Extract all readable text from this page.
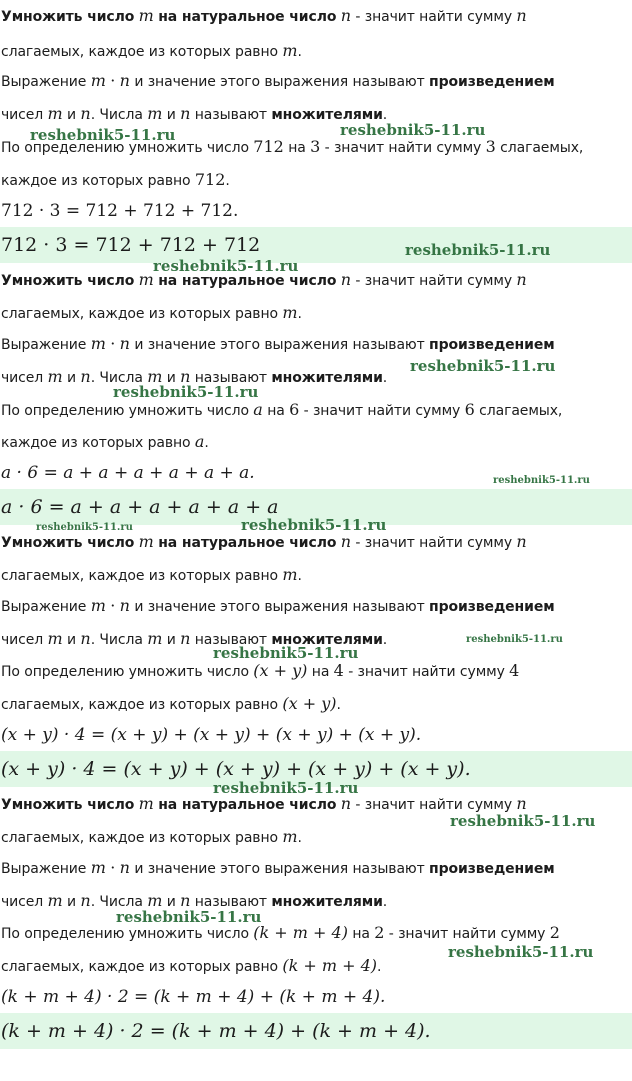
Умножить число m на натуральное число n - значит найти сумму n

слагаемых, каждое из которых равно m.

Выражение m · n и значение этого выражения называют произведением

чисел m и n. Числа m и n называют множителями.

По определению умножить число 712 на 3 - значит найти сумму 3 слагаемых,

каждое из которых равно 712.

712 · 3 = 712 + 712 + 712.

712 · 3 = 712 + 712 + 712

Умножить число m на натуральное число n - значит найти сумму n

слагаемых, каждое из которых равно m.

Выражение m · n и значение этого выражения называют произведением

чисел m и n. Числа m и n называют множителями.

По определению умножить число a на 6 - значит найти сумму 6 слагаемых,

каждое из которых равно a.

a · 6 = a + a + a + a + a + a.

a · 6 = a + a + a + a + a + a

Умножить число m на натуральное число n - значит найти сумму n

слагаемых, каждое из которых равно m.

Выражение m · n и значение этого выражения называют произведением

чисел m и n. Числа m и n называют множителями.

По определению умножить число (x + y) на 4 - значит найти сумму 4

слагаемых, каждое из которых равно (x + y).

(x + y) · 4 = (x + y) + (x + y) + (x + y) + (x + y).

(x + y) · 4 = (x + y) + (x + y) + (x + y) + (x + y).

Умножить число m на натуральное число n - значит найти сумму n

слагаемых, каждое из которых равно m.

Выражение m · n и значение этого выражения называют произведением

чисел m и n. Числа m и n называют множителями.

По определению умножить число (k + m + 4) на 2 - значит найти сумму 2

слагаемых, каждое из которых равно (k + m + 4).

(k + m + 4) · 2 = (k + m + 4) + (k + m + 4).

(k + m + 4) · 2 = (k + m + 4) + (k + m + 4).
reshebnik5-11.ru	reshebnik5-11.ru
reshebnik5-11.ru
reshebnik5-11.ru
reshebnik5-11.ru
reshebnik5-11.ru
reshebnik5-11.ru
reshebnik5-11.ru	reshebnik5-11.ru
reshebnik5-11.ru
reshebnik5-11.ru
reshebnik5-11.ru
reshebnik5-11.ru
reshebnik5-11.ru
reshebnik5-11.ru
